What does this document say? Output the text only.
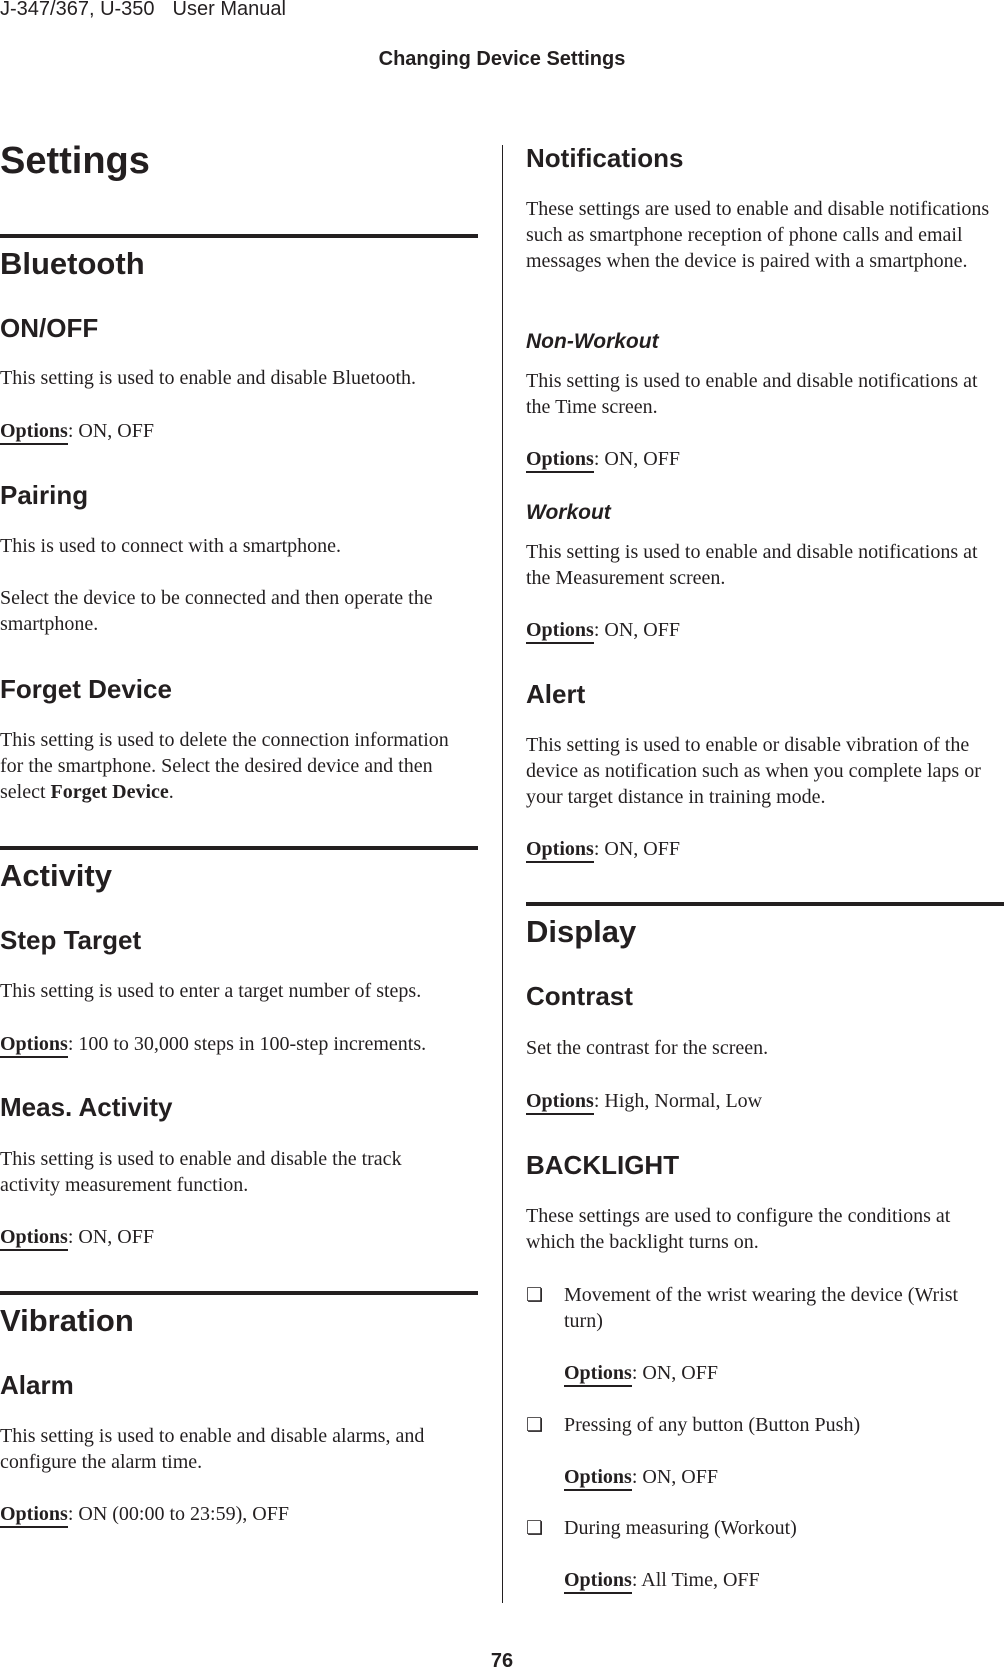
J-347/367, U-350 User Manual
Changing Device Settings
Settings
Bluetooth
ON/OFF
This setting is used to enable and disable Bluetooth.
Options: ON, OFF
Pairing
This is used to connect with a smartphone.
Select the device to be connected and then operate the smartphone.
Forget Device
This setting is used to delete the connection information for the smartphone. Select the desired device and then select Forget Device.
Activity
Step Target
This setting is used to enter a target number of steps.
Options: 100 to 30,000 steps in 100-step increments.
Meas. Activity
This setting is used to enable and disable the track activity measurement function.
Options: ON, OFF
Vibration
Alarm
This setting is used to enable and disable alarms, and configure the alarm time.
Options: ON (00:00 to 23:59), OFF
Notifications
These settings are used to enable and disable notifications such as smartphone reception of phone calls and email messages when the device is paired with a smartphone.
Non-Workout
This setting is used to enable and disable notifications at the Time screen.
Options: ON, OFF
Workout
This setting is used to enable and disable notifications at the Measurement screen.
Options: ON, OFF
Alert
This setting is used to enable or disable vibration of the device as notification such as when you complete laps or your target distance in training mode.
Options: ON, OFF
Display
Contrast
Set the contrast for the screen.
Options: High, Normal, Low
BACKLIGHT
These settings are used to configure the conditions at which the backlight turns on.
❏ Movement of the wrist wearing the device (Wrist turn)
Options: ON, OFF
❏ Pressing of any button (Button Push)
Options: ON, OFF
❏ During measuring (Workout)
Options: All Time, OFF
76
